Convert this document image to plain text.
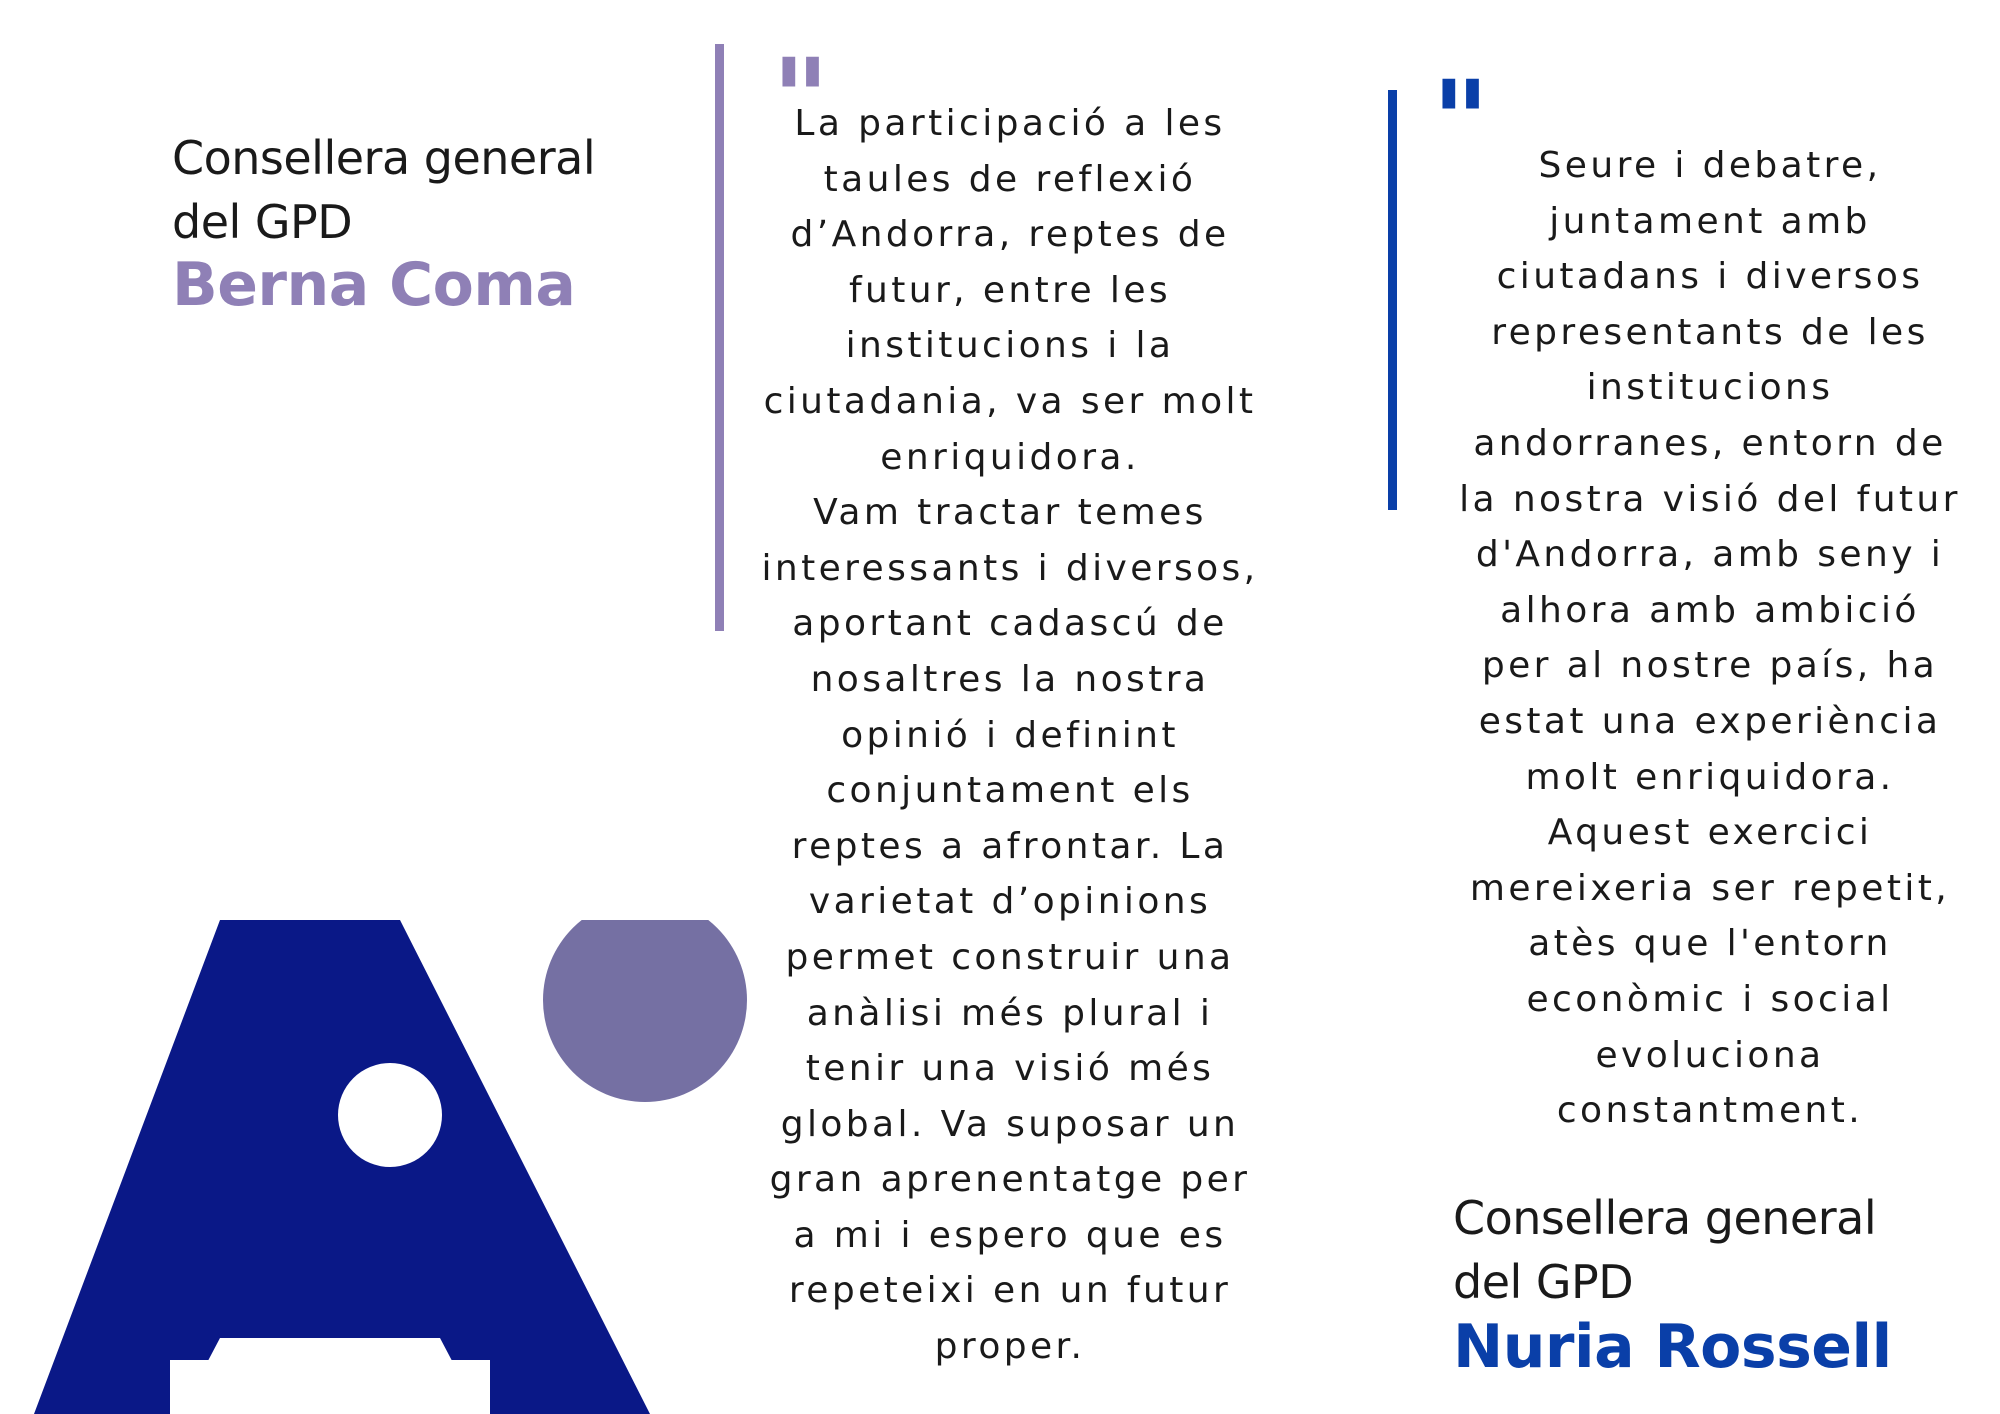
Consellera general
del GPD
Berna Coma
"	"
La participació a les
taules de reflexió
d’Andorra, reptes de
futur, entre les
institucions i la
ciutadania, va ser molt
enriquidora.
Vam tractar temes
interessants i diversos,
aportant cadascú de
nosaltres la nostra
opinió i definint
conjuntament els
reptes a afrontar. La
varietat d’opinions
permet construir una
anàlisi més plural i
tenir una visió més
global. Va suposar un
gran aprenentatge per
a mi i espero que es
repeteixi en un futur
proper.
Seure i debatre,
juntament amb
ciutadans i diversos
representants de les
institucions
andorranes, entorn de
la nostra visió del futur
d'Andorra, amb seny i
alhora amb ambició
per al nostre país, ha
estat una experiència
molt enriquidora.
Aquest exercici
mereixeria ser repetit,
atès que l'entorn
econòmic i social
evoluciona
constantment.
Consellera general
del GPD
Nuria Rossell
